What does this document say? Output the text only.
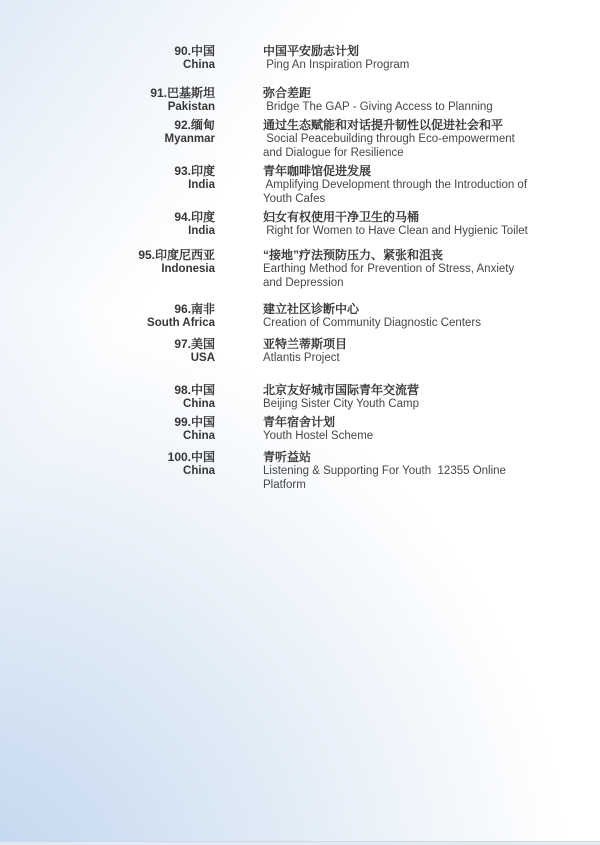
90.中国
China
中国平安励志计划
Ping An Inspiration Program
91.巴基斯坦
Pakistan
弥合差距
Bridge The GAP - Giving Access to Planning
92.缅甸
Myanmar
通过生态赋能和对话提升韧性以促进社会和平
Social Peacebuilding through Eco-empowerment
and Dialogue for Resilience
93.印度
India
青年咖啡馆促进发展
Amplifying Development through the Introduction of
Youth Cafes
94.印度
India
妇女有权使用干净卫生的马桶
Right for Women to Have Clean and Hygienic Toilet
95.印度尼西亚
Indonesia
“接地”疗法预防压力、紧张和沮丧
Earthing Method for Prevention of Stress, Anxiety
and Depression
96.南非
South Africa
建立社区诊断中心
Creation of Community Diagnostic Centers
97.美国
USA
亚特兰蒂斯项目
Atlantis Project
98.中国
China
北京友好城市国际青年交流营
Beijing Sister City Youth Camp
99.中国
China
青年宿舍计划
Youth Hostel Scheme
100.中国
China
青听益站
Listening & Supporting For Youth  12355 Online
Platform
